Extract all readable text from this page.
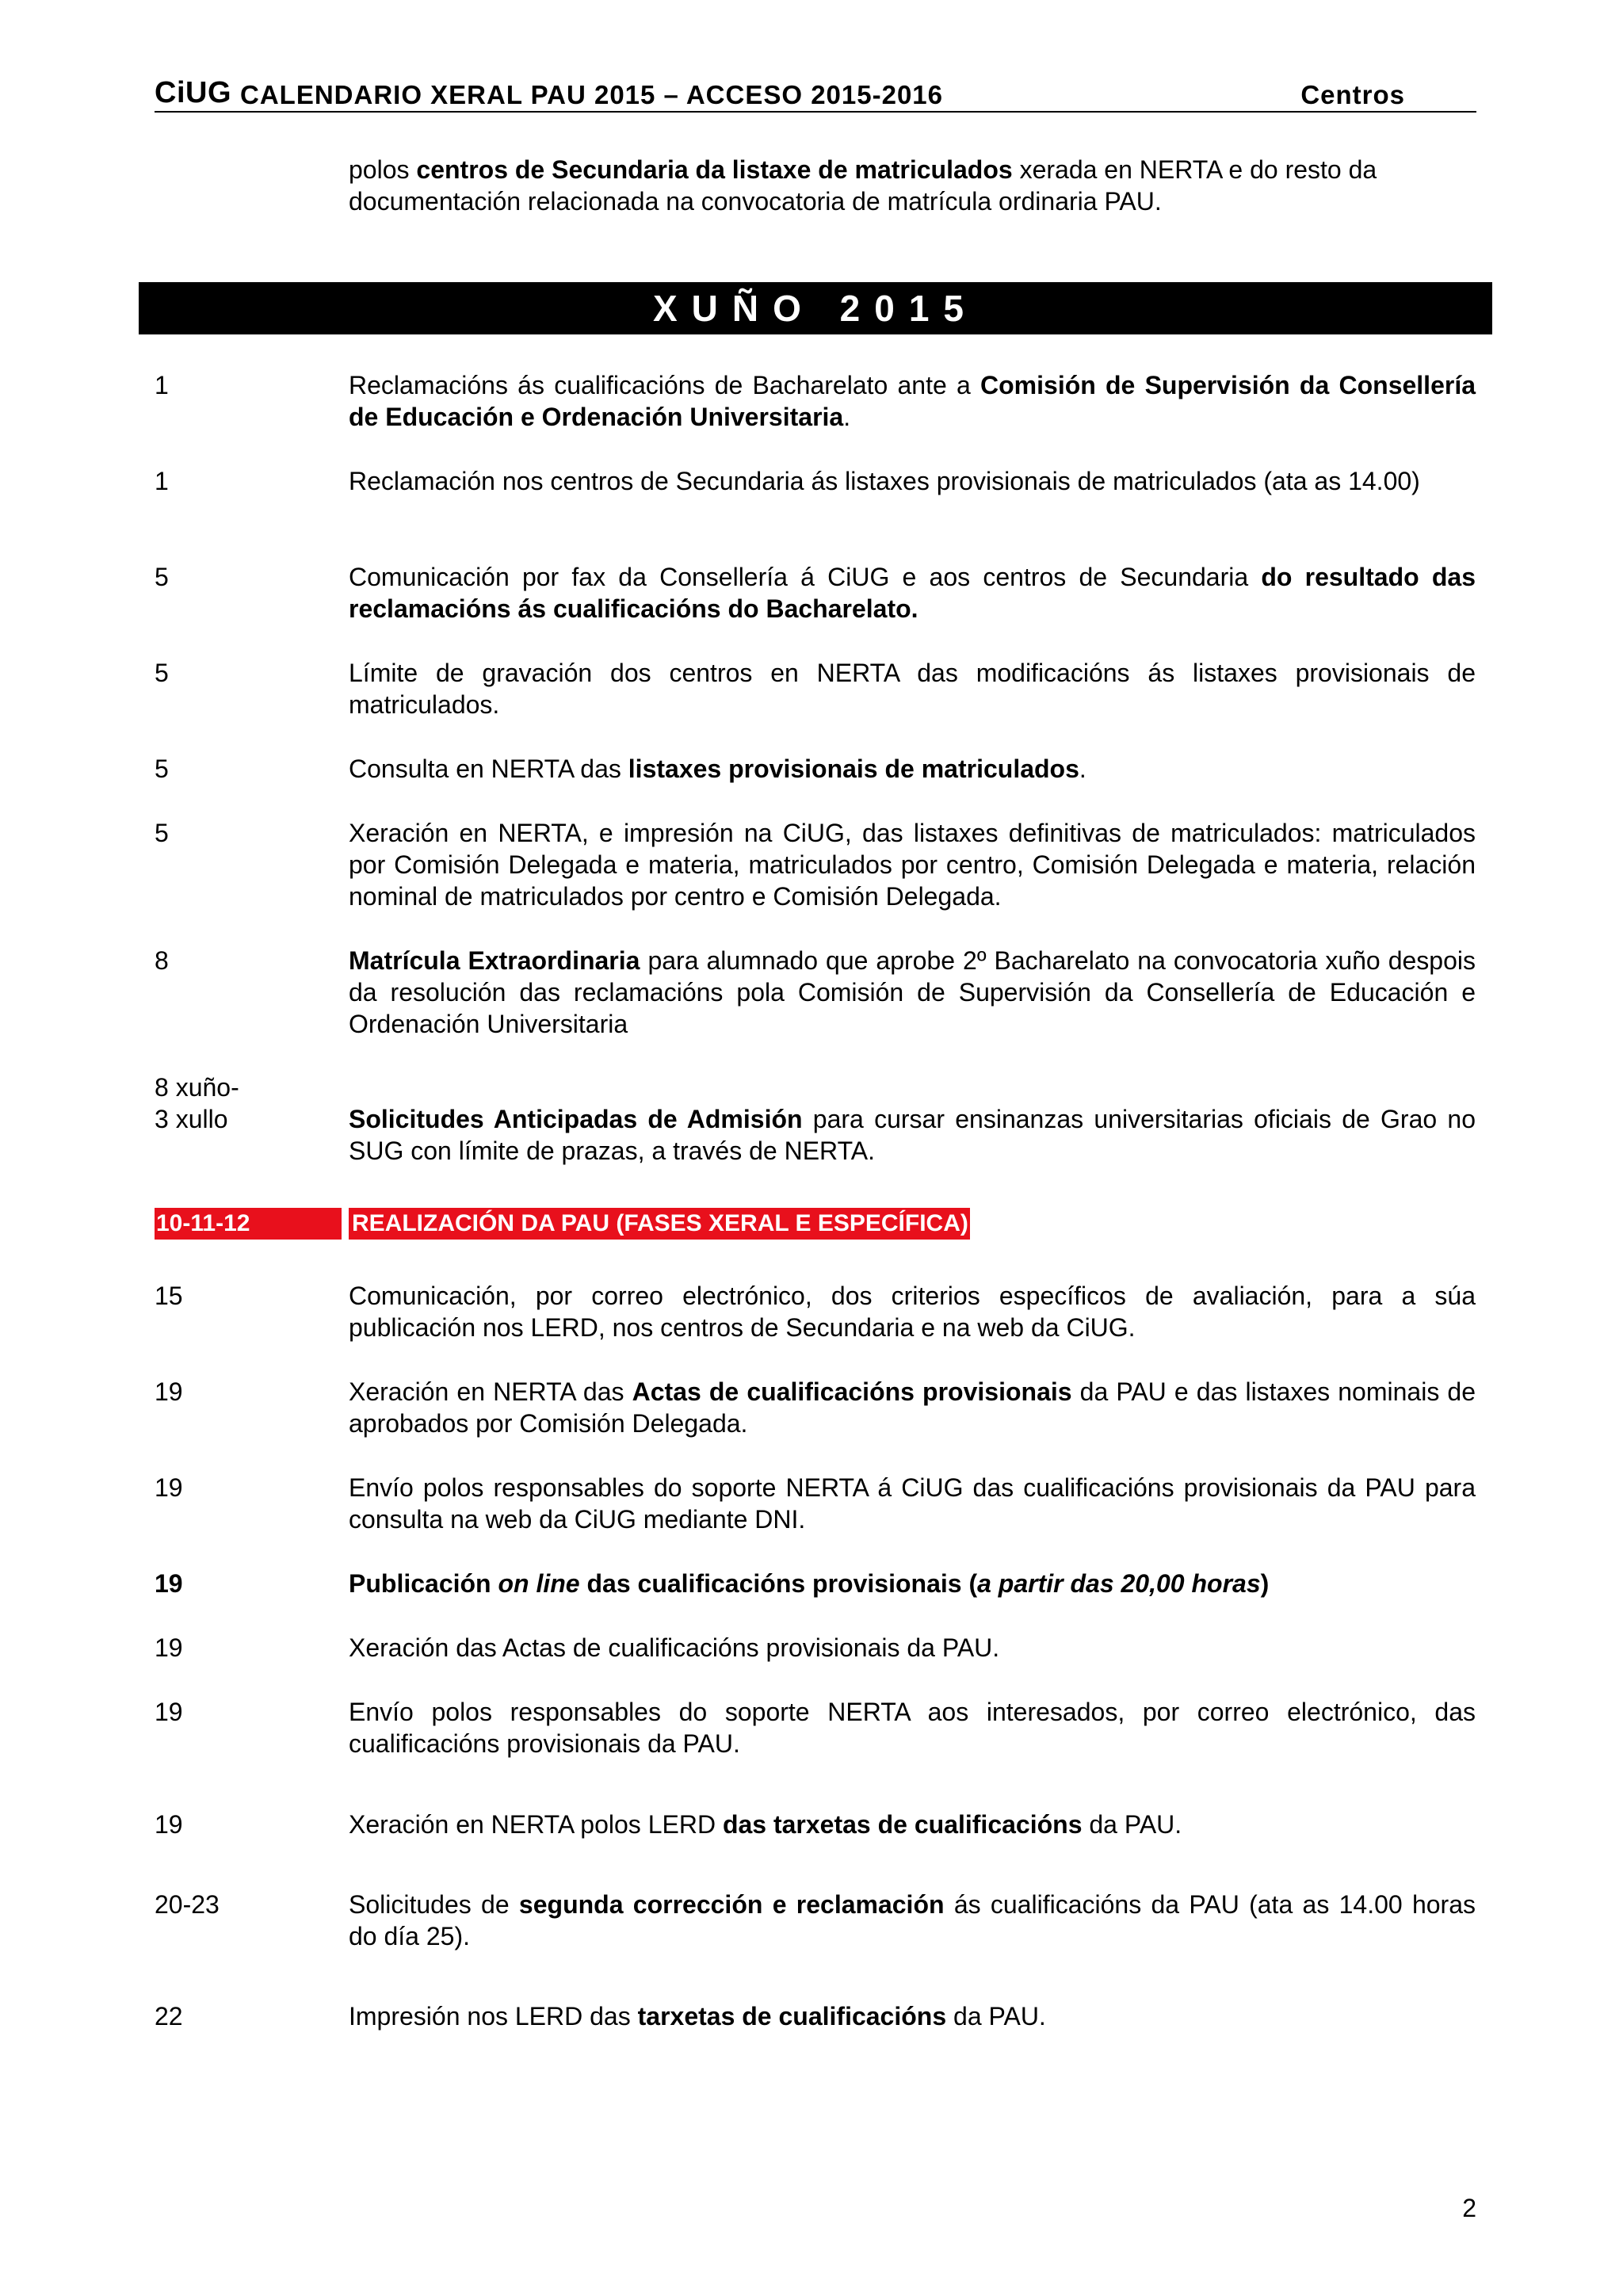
CiUG CALENDARIO XERAL PAU 2015 – ACCESO 2015-2016	Centros
polos centros de Secundaria da listaxe de matriculados xerada en NERTA e do resto da documentación relacionada na convocatoria de matrícula ordinaria PAU.
XUÑO 2015
1	Reclamacións ás cualificacións de Bacharelato ante a Comisión de Supervisión da Consellería de Educación e Ordenación Universitaria.
1	Reclamación nos centros de Secundaria ás listaxes provisionais de matriculados (ata as 14.00)
5	Comunicación por fax da Consellería á CiUG e aos centros de Secundaria do resultado das reclamacións ás cualificacións do Bacharelato.
5	Límite de gravación dos centros en NERTA das modificacións ás listaxes provisionais de matriculados.
5	Consulta en NERTA das listaxes provisionais de matriculados.
5	Xeración en NERTA, e impresión na CiUG, das listaxes definitivas de matriculados: matriculados por Comisión Delegada e materia, matriculados por centro, Comisión Delegada e materia, relación nominal de matriculados por centro e Comisión Delegada.
8	Matrícula Extraordinaria para alumnado que aprobe 2º Bacharelato na convocatoria xuño despois da resolución das reclamacións pola Comisión de Supervisión da Consellería de Educación e Ordenación Universitaria
8 xuño-
3 xullo	Solicitudes Anticipadas de Admisión para cursar ensinanzas universitarias oficiais de Grao no SUG con límite de prazas, a través de NERTA.
10-11-12	REALIZACIÓN DA PAU (FASES XERAL E ESPECÍFICA)
15	Comunicación, por correo electrónico, dos criterios específicos de avaliación, para a súa publicación nos LERD, nos centros de Secundaria e na web da CiUG.
19	Xeración en NERTA das Actas de cualificacións provisionais da PAU e das listaxes nominais de aprobados por Comisión Delegada.
19	Envío polos responsables do soporte NERTA á CiUG das cualificacións provisionais da PAU para consulta na web da CiUG mediante DNI.
19	Publicación on line das cualificacións provisionais (a partir das 20,00 horas)
19	Xeración das Actas de cualificacións provisionais da PAU.
19	Envío polos responsables do soporte NERTA aos interesados, por correo electrónico, das cualificacións provisionais da PAU.
19	Xeración en NERTA polos LERD das tarxetas de cualificacións da PAU.
20-23	Solicitudes de segunda corrección e reclamación ás cualificacións da PAU (ata as 14.00 horas do día 25).
22	Impresión nos LERD das tarxetas de cualificacións da PAU.
2
